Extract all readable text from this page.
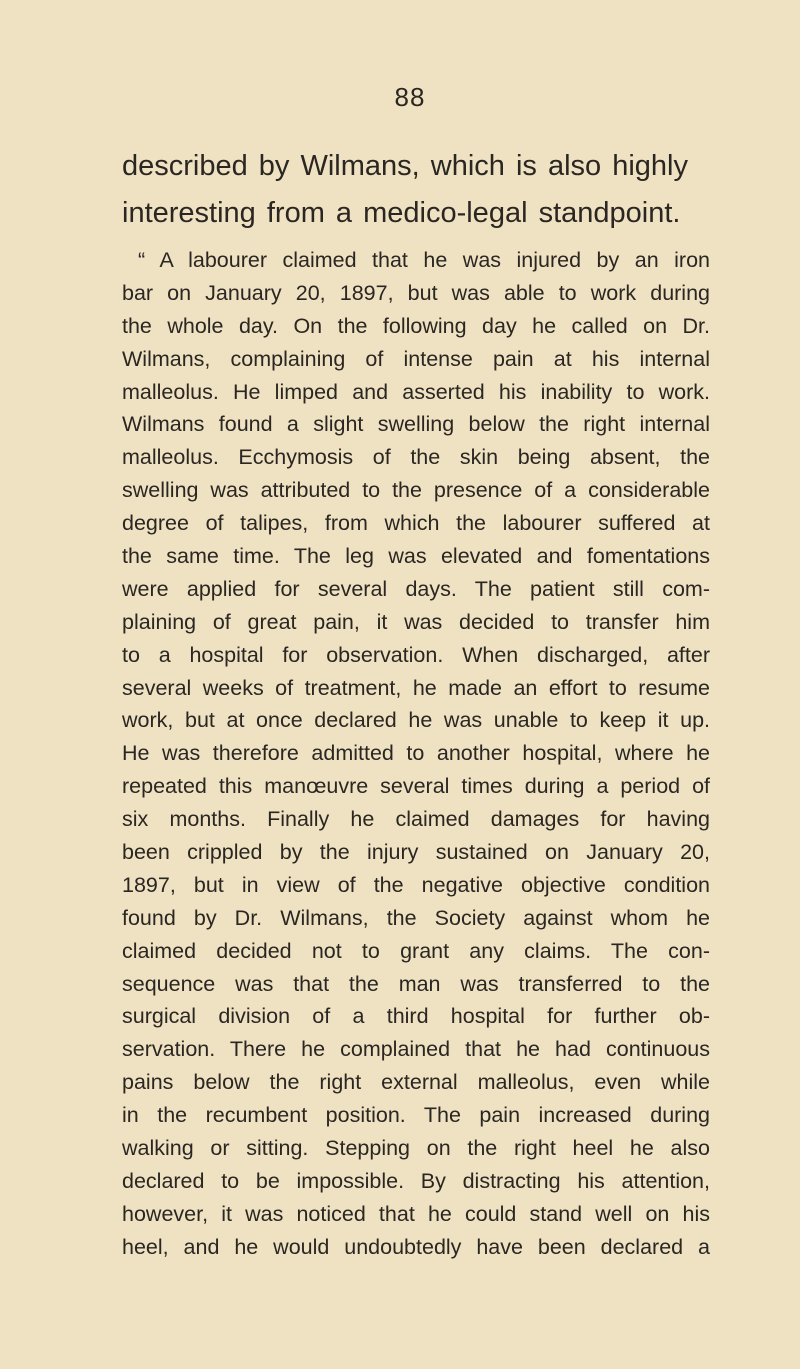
88
described by Wilmans, which is also highly
interesting from a medico-legal standpoint.
“ A labourer claimed that he was injured by an iron
bar on January 20, 1897, but was able to work during
the whole day. On the following day he called on Dr.
Wilmans, complaining of intense pain at his internal
malleolus. He limped and asserted his inability to work.
Wilmans found a slight swelling below the right internal
malleolus. Ecchymosis of the skin being absent, the
swelling was attributed to the presence of a considerable
degree of talipes, from which the labourer suffered at
the same time. The leg was elevated and fomentations
were applied for several days. The patient still com-
plaining of great pain, it was decided to transfer him
to a hospital for observation. When discharged, after
several weeks of treatment, he made an effort to resume
work, but at once declared he was unable to keep it up.
He was therefore admitted to another hospital, where he
repeated this manœuvre several times during a period of
six months. Finally he claimed damages for having
been crippled by the injury sustained on January 20,
1897, but in view of the negative objective condition
found by Dr. Wilmans, the Society against whom he
claimed decided not to grant any claims. The con-
sequence was that the man was transferred to the
surgical division of a third hospital for further ob-
servation. There he complained that he had continuous
pains below the right external malleolus, even while
in the recumbent position. The pain increased during
walking or sitting. Stepping on the right heel he also
declared to be impossible. By distracting his attention,
however, it was noticed that he could stand well on his
heel, and he would undoubtedly have been declared a
